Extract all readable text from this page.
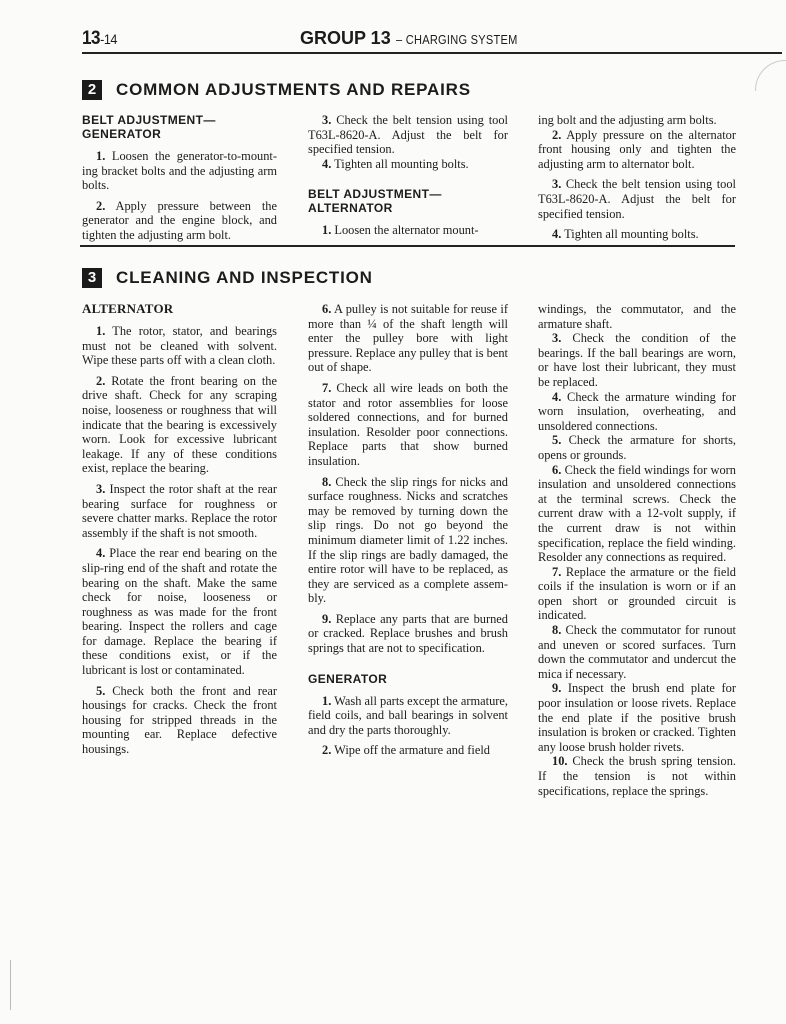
13-14	GROUP 13 – CHARGING SYSTEM
2	COMMON ADJUSTMENTS AND REPAIRS
BELT ADJUSTMENT—
GENERATOR

1. Loosen the generator-to-mounting bracket bolts and the adjusting arm bolts.

2. Apply pressure between the generator and the engine block, and tighten the adjusting arm bolt.

3. Check the belt tension using tool T63L-8620-A. Adjust the belt for specified tension.

4. Tighten all mounting bolts.

BELT ADJUSTMENT—
ALTERNATOR

1. Loosen the alternator mount-

ing bolt and the adjusting arm bolts.

2. Apply pressure on the alternator front housing only and tighten the adjusting arm to alternator bolt.

3. Check the belt tension using tool T63L-8620-A. Adjust the belt for specified tension.

4. Tighten all mounting bolts.

3	CLEANING AND INSPECTION
ALTERNATOR

1. The rotor, stator, and bearings must not be cleaned with solvent. Wipe these parts off with a clean cloth.

2. Rotate the front bearing on the drive shaft. Check for any scraping noise, looseness or roughness that will indicate that the bearing is excessively worn. Look for excessive lubricant leakage. If any of these conditions exist, replace the bearing.

3. Inspect the rotor shaft at the rear bearing surface for roughness or severe chatter marks. Replace the rotor assembly if the shaft is not smooth.

4. Place the rear end bearing on the slip-ring end of the shaft and rotate the bearing on the shaft. Make the same check for noise, looseness or roughness as was made for the front bearing. Inspect the rollers and cage for damage. Replace the bearing if these conditions exist, or if the lubricant is lost or contaminated.

5. Check both the front and rear housings for cracks. Check the front housing for stripped threads in the mounting ear. Replace defective housings.

6. A pulley is not suitable for reuse if more than ¼ of the shaft length will enter the pulley bore with light pressure. Replace any pulley that is bent out of shape.

7. Check all wire leads on both the stator and rotor assemblies for loose soldered connections, and for burned insulation. Resolder poor connections. Replace parts that show burned insulation.

8. Check the slip rings for nicks and surface roughness. Nicks and scratches may be removed by turning down the slip rings. Do not go beyond the minimum diameter limit of 1.22 inches. If the slip rings are badly damaged, the entire rotor will have to be replaced, as they are serviced as a complete assembly.

9. Replace any parts that are burned or cracked. Replace brushes and brush springs that are not to specification.

GENERATOR

1. Wash all parts except the armature, field coils, and ball bearings in solvent and dry the parts thoroughly.

2. Wipe off the armature and field

windings, the commutator, and the armature shaft.

3. Check the condition of the bearings. If the ball bearings are worn, or have lost their lubricant, they must be replaced.

4. Check the armature winding for worn insulation, overheating, and unsoldered connections.

5. Check the armature for shorts, opens or grounds.

6. Check the field windings for worn insulation and unsoldered connections at the terminal screws. Check the current draw with a 12-volt supply, if the current draw is not within specification, replace the field winding. Resolder any connections as required.

7. Replace the armature or the field coils if the insulation is worn or if an open short or grounded circuit is indicated.

8. Check the commutator for runout and uneven or scored surfaces. Turn down the commutator and undercut the mica if necessary.

9. Inspect the brush end plate for poor insulation or loose rivets. Replace the end plate if the positive brush insulation is broken or cracked. Tighten any loose brush holder rivets.

10. Check the brush spring tension. If the tension is not within specifications, replace the springs.
